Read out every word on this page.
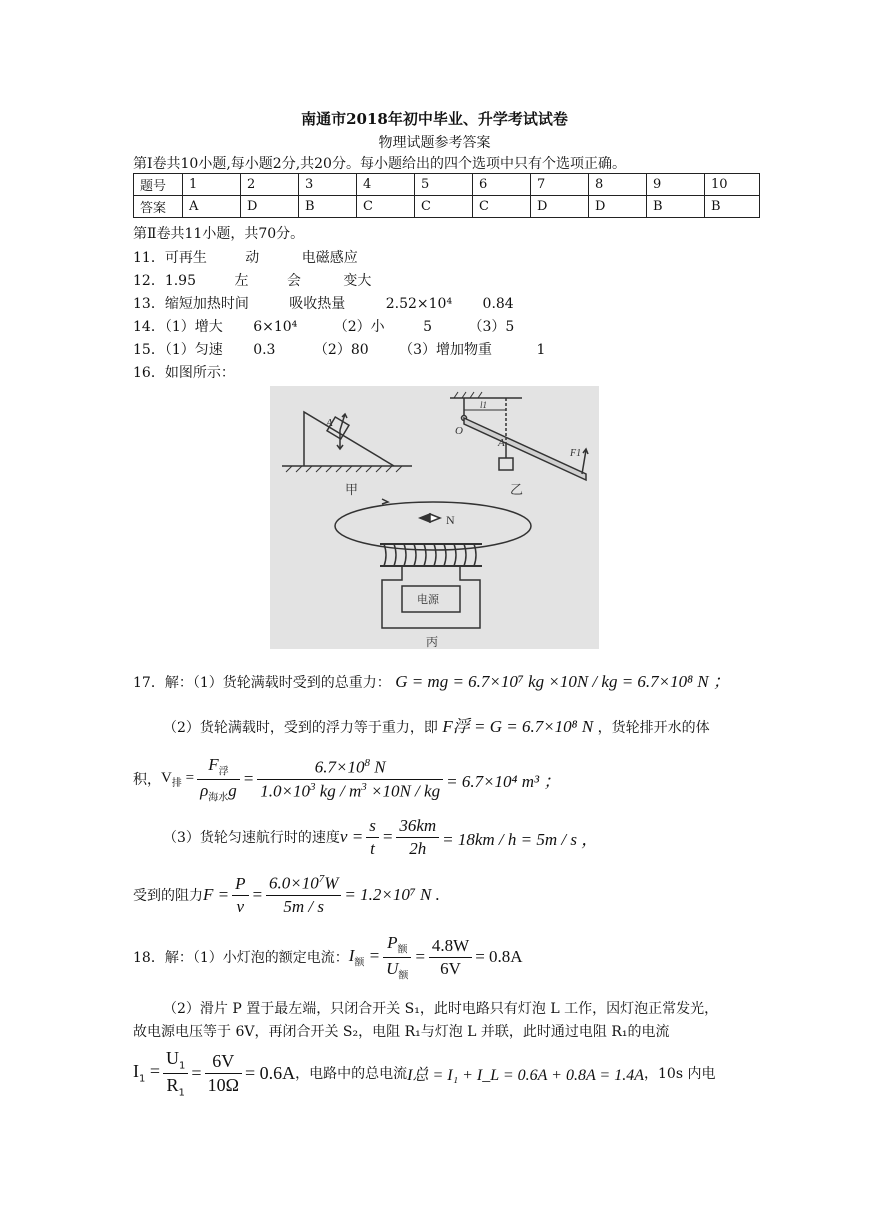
南通市2018年初中毕业、升学考试试卷
物理试题参考答案
第Ⅰ卷共10小题,每小题2分,共20分。每小题给出的四个选项中只有个选项正确。
题号	1	2	3	4	5	6	7	8	9	10
答案	A	D	B	C	C	C	D	D	B	B
第Ⅱ卷共11小题，共70分。
11．可再生	动	电磁感应
12．1.95	左	会	变大
13．缩短加热时间	吸收热量	2.52×10⁴ 0.84
14．（1）增大 6×10⁴	（2）小	5	（3）5
15．（1）匀速 0.3	（2）80 （3）增加物重	1
16．如图所示：
A
甲
O
A
l1
F1
乙
N
电源
丙
17．解：（1）货轮满载时受到的总重力： G = mg = 6.7×10⁷ kg ×10N / kg = 6.7×10⁸ N ；
（2）货轮满载时，受到的浮力等于重力，即 F浮 = G = 6.7×10⁸ N ，货轮排开水的体
积， $V_排 = \frac{F_浮}{\rho_{海水}g} = \frac{6.7\times 10^8 N}{1.0\times 10^3 kg / m^3 \times 10N / kg} = 6.7\times 10^4$ m³ ；
（3）货轮匀速航行时的速度 $v = \frac{s}{t} = \frac{36km}{2h} = 18km / h = 5m / s$ ，
受到的阻力 $F = \frac{P}{v} = \frac{6.0\times 10^7W}{5m / s} = 1.2\times 10^7$ N .
18．解：（1）小灯泡的额定电流： $I_额 = \frac{P_额}{U_额} = \frac{4.8W}{6V} = 0.8A$
（2）滑片 P 置于最左端，只闭合开关 S₁，此时电路只有灯泡 L 工作，因灯泡正常发光，
故电源电压等于 6V，再闭合开关 S₂，电阻 R₁与灯泡 L 并联，此时通过电阻 R₁的电流
$I_1 = \frac{U_1}{R_1} = \frac{6V}{10\Omega} = 0.6A$ ，电路中的总电流 I总 = I₁ + I_L = 0.6A + 0.8A = 1.4A ，10s 内电
